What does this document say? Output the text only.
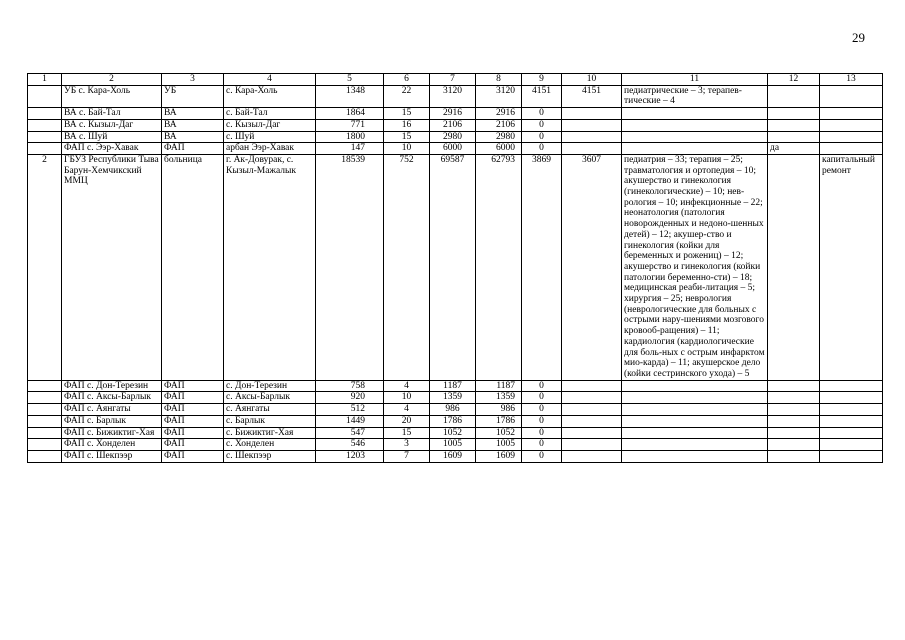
29
1	2	3	4	5	6	7	8	9	10	11	12	13
	УБ с. Кара-Холь	УБ	с. Кара-Холь	1348	22	3120	3120	4151	4151	педиатрические – 3; терапев-тические – 4		
	ВА с. Бай-Тал	ВА	с. Бай-Тал	1864	15	2916	2916	0				
	ВА с. Кызыл-Даг	ВА	с. Кызыл-Даг	771	16	2106	2106	0				
	ВА с. Шуй	ВА	с. Шуй	1800	15	2980	2980	0				
	ФАП с. Ээр-Хавак	ФАП	арбан Ээр-Хавак	147	10	6000	6000	0			да	
2	ГБУЗ Республики Тыва Барун-Хемчикский ММЦ	больница	г. Ак-Довурак, с. Кызыл-Мажалык	18539	752	69587	62793	3869	3607	педиатрия – 33; терапия – 25; травматология и ортопедия – 10; акушерство и гинекология (гинекологические) – 10; нев-рология – 10; инфекционные – 22; неонатология (патология новорожденных и недоно-шенных детей) – 12; акушер-ство и гинекология (койки для беременных и рожениц) – 12; акушерство и гинекология (койки патологии беременно-сти) – 18; медицинская реаби-литация – 5; хирургия – 25; неврология (неврологические для больных с острыми нару-шениями мозгового кровооб-ращения) – 11; кардиология (кардиологические для боль-ных с острым инфарктом мио-карда) – 11; акушерское дело (койки сестринского ухода) – 5		капитальный ремонт
	ФАП с. Дон-Терезин	ФАП	с. Дон-Терезин	758	4	1187	1187	0				
	ФАП с. Аксы-Барлык	ФАП	с. Аксы-Барлык	920	10	1359	1359	0				
	ФАП с. Аянгаты	ФАП	с. Аянгаты	512	4	986	986	0				
	ФАП с. Барлык	ФАП	с. Барлык	1449	20	1786	1786	0				
	ФАП с. Бижиктиг-Хая	ФАП	с. Бижиктиг-Хая	547	15	1052	1052	0				
	ФАП с. Хонделен	ФАП	с. Хонделен	546	3	1005	1005	0				
	ФАП с. Шекпээр	ФАП	с. Шекпээр	1203	7	1609	1609	0				
